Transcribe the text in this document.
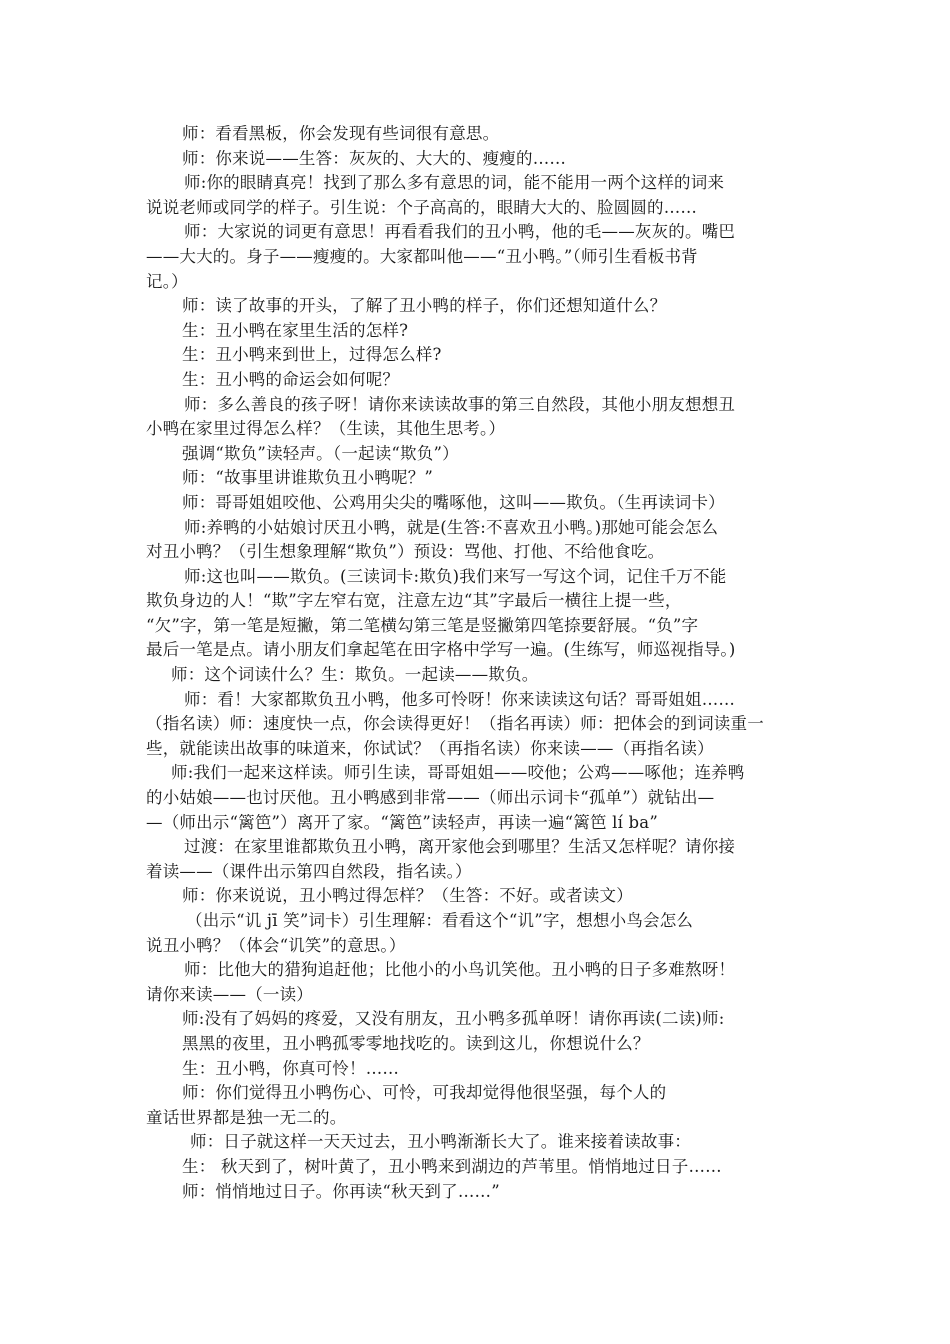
师：看看黑板，你会发现有些词很有意思。
师：你来说——生答：灰灰的、大大的、瘦瘦的……
师:你的眼睛真亮！找到了那么多有意思的词，能不能用一两个这样的词来
说说老师或同学的样子。引生说：个子高高的，眼睛大大的、脸圆圆的……
师：大家说的词更有意思！再看看我们的丑小鸭，他的毛——灰灰的。嘴巴
——大大的。身子——瘦瘦的。大家都叫他——“丑小鸭。”（师引生看板书背
记。）
师：读了故事的开头，了解了丑小鸭的样子，你们还想知道什么？
生：丑小鸭在家里生活的怎样?
生：丑小鸭来到世上，过得怎么样?
生：丑小鸭的命运会如何呢？
师：多么善良的孩子呀！请你来读读故事的第三自然段，其他小朋友想想丑
小鸭在家里过得怎么样？（生读，其他生思考。）
强调“欺负”读轻声。（一起读“欺负”）
师：“故事里讲谁欺负丑小鸭呢？”
师：哥哥姐姐咬他、公鸡用尖尖的嘴啄他，这叫——欺负。（生再读词卡）
师:养鸭的小姑娘讨厌丑小鸭，就是(生答:不喜欢丑小鸭。)那她可能会怎么
对丑小鸭？（引生想象理解“欺负”）预设：骂他、打他、不给他食吃。
师:这也叫——欺负。(三读词卡:欺负)我们来写一写这个词，记住千万不能
欺负身边的人！“欺”字左窄右宽，注意左边“其”字最后一横往上提一些，
“欠”字，第一笔是短撇，第二笔横勾第三笔是竖撇第四笔捺要舒展。“负”字
最后一笔是点。请小朋友们拿起笔在田字格中学写一遍。(生练写，师巡视指导。)
师：这个词读什么？生：欺负。一起读——欺负。
师：看！大家都欺负丑小鸭，他多可怜呀！你来读读这句话？哥哥姐姐……
（指名读）师：速度快一点，你会读得更好！（指名再读）师：把体会的到词读重一
些，就能读出故事的味道来，你试试？（再指名读）你来读——（再指名读）
师:我们一起来这样读。师引生读，哥哥姐姐——咬他；公鸡——啄他；连养鸭
的小姑娘——也讨厌他。丑小鸭感到非常——（师出示词卡“孤单”）就钻出—
—（师出示“篱笆”）离开了家。“篱笆”读轻声，再读一遍“篱笆 lí ba”
过渡：在家里谁都欺负丑小鸭，离开家他会到哪里？生活又怎样呢？请你接
着读——（课件出示第四自然段，指名读。）
师：你来说说，丑小鸭过得怎样？（生答：不好。或者读文）
（出示“讥 jī 笑”词卡）引生理解：看看这个“讥”字，想想小鸟会怎么
说丑小鸭？（体会“讥笑”的意思。）
师：比他大的猎狗追赶他；比他小的小鸟讥笑他。丑小鸭的日子多难熬呀！
请你来读——（一读）
师:没有了妈妈的疼爱，又没有朋友，丑小鸭多孤单呀！请你再读(二读)师:
黑黑的夜里，丑小鸭孤零零地找吃的。读到这儿，你想说什么？
生：丑小鸭，你真可怜！……
师：你们觉得丑小鸭伤心、可怜，可我却觉得他很坚强，每个人的
童话世界都是独一无二的。
师：日子就这样一天天过去，丑小鸭渐渐长大了。谁来接着读故事：
生： 秋天到了，树叶黄了，丑小鸭来到湖边的芦苇里。悄悄地过日子……
师：悄悄地过日子。你再读“秋天到了……”
